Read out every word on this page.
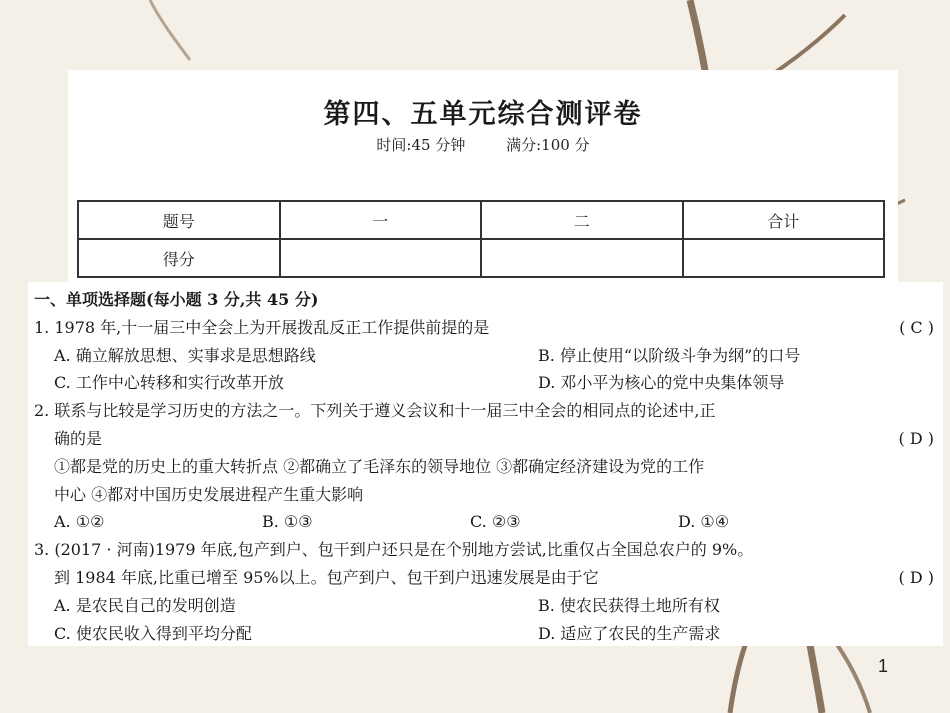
第四、五单元综合测评卷
时间:45 分钟	满分:100 分
题号	一	二	合计
得分			
一、单项选择题(每小题 3 分,共 45 分)
1. 1978 年,十一届三中全会上为开展拨乱反正工作提供前提的是	( C )
A. 确立解放思想、实事求是思想路线	B. 停止使用“以阶级斗争为纲”的口号
C. 工作中心转移和实行改革开放	D. 邓小平为核心的党中央集体领导
2. 联系与比较是学习历史的方法之一。下列关于遵义会议和十一届三中全会的相同点的论述中,正
确的是	( D )
①都是党的历史上的重大转折点 ②都确立了毛泽东的领导地位 ③都确定经济建设为党的工作
中心 ④都对中国历史发展进程产生重大影响
A. ①②	B. ①③	C. ②③	D. ①④
3. (2017 · 河南)1979 年底,包产到户、包干到户还只是在个别地方尝试,比重仅占全国总农户的 9%。
到 1984 年底,比重已增至 95%以上。包产到户、包干到户迅速发展是由于它	( D )
A. 是农民自己的发明创造	B. 使农民获得土地所有权
C. 使农民收入得到平均分配	D. 适应了农民的生产需求
1
